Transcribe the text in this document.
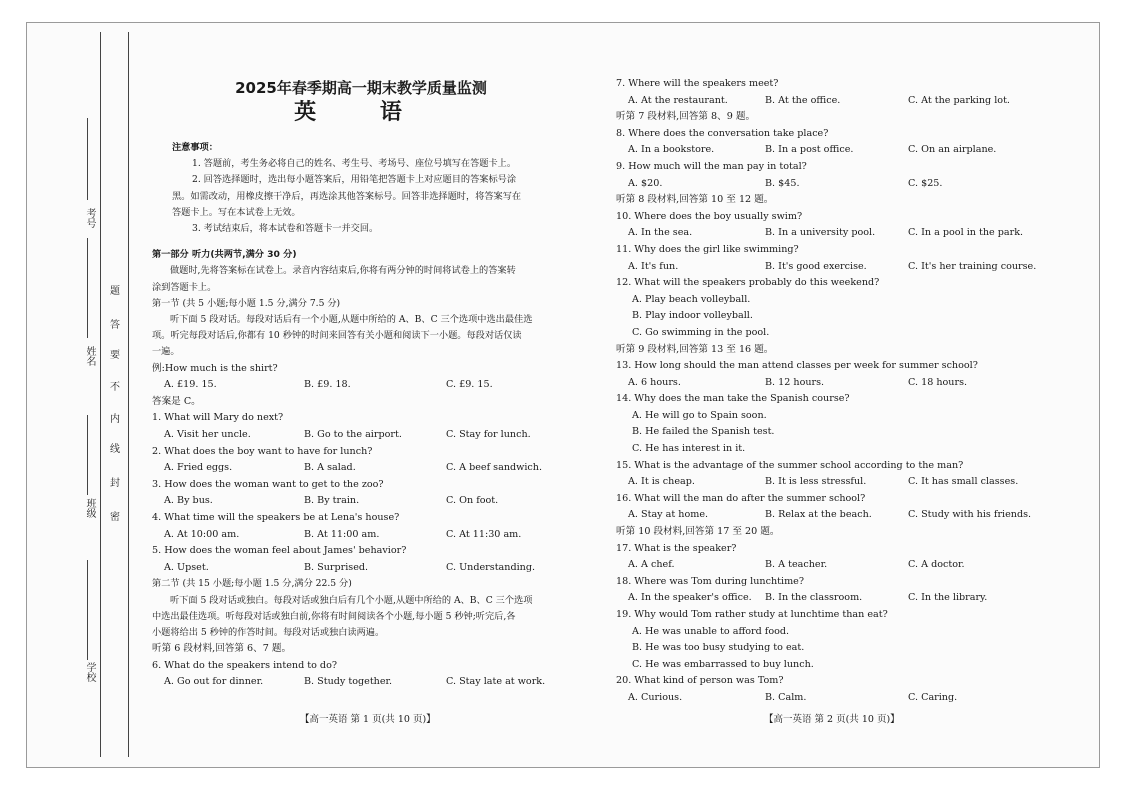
考号
姓名
班级
学校
题
答
要
不
内
线
封
密

2025年春季期高一期末教学质量监测

英 语

注意事项：

1. 答题前，考生务必将自己的姓名、考生号、考场号、座位号填写在答题卡上。

2. 回答选择题时，选出每小题答案后，用铅笔把答题卡上对应题目的答案标号涂

黑。如需改动，用橡皮擦干净后，再选涂其他答案标号。回答非选择题时，将答案写在

答题卡上。写在本试卷上无效。

3. 考试结束后，将本试卷和答题卡一并交回。

第一部分 听力(共两节,满分 30 分)

做题时,先将答案标在试卷上。录音内容结束后,你将有两分钟的时间将试卷上的答案转

涂到答题卡上。

第一节 (共 5 小题;每小题 1.5 分,满分 7.5 分)

听下面 5 段对话。每段对话后有一个小题,从题中所给的 A、B、C 三个选项中选出最佳选

项。听完每段对话后,你都有 10 秒钟的时间来回答有关小题和阅读下一小题。每段对话仅读

一遍。

例:How much is the shirt?

A. £19. 15.	B. £9. 18.	C. £9. 15.

答案是 C。

1. What will Mary do next?

A. Visit her uncle.	B. Go to the airport.	C. Stay for lunch.

2. What does the boy want to have for lunch?

A. Fried eggs.	B. A salad.	C. A beef sandwich.

3. How does the woman want to get to the zoo?

A. By bus.	B. By train.	C. On foot.

4. What time will the speakers be at Lena's house?

A. At 10:00 am.	B. At 11:00 am.	C. At 11:30 am.

5. How does the woman feel about James' behavior?

A. Upset.	B. Surprised.	C. Understanding.

第二节 (共 15 小题;每小题 1.5 分,满分 22.5 分)

听下面 5 段对话或独白。每段对话或独白后有几个小题,从题中所给的 A、B、C 三个选项

中选出最佳选项。听每段对话或独白前,你将有时间阅读各个小题,每小题 5 秒钟;听完后,各

小题将给出 5 秒钟的作答时间。每段对话或独白读两遍。

听第 6 段材料,回答第 6、7 题。

6. What do the speakers intend to do?

A. Go out for dinner.	B. Study together.	C. Stay late at work.

7. Where will the speakers meet?

A. At the restaurant.	B. At the office.	C. At the parking lot.

听第 7 段材料,回答第 8、9 题。

8. Where does the conversation take place?

A. In a bookstore.	B. In a post office.	C. On an airplane.

9. How much will the man pay in total?

A. $20.	B. $45.	C. $25.

听第 8 段材料,回答第 10 至 12 题。

10. Where does the boy usually swim?

A. In the sea.	B. In a university pool.	C. In a pool in the park.

11. Why does the girl like swimming?

A. It's fun.	B. It's good exercise.	C. It's her training course.

12. What will the speakers probably do this weekend?

A. Play beach volleyball.

B. Play indoor volleyball.

C. Go swimming in the pool.

听第 9 段材料,回答第 13 至 16 题。

13. How long should the man attend classes per week for summer school?

A. 6 hours.	B. 12 hours.	C. 18 hours.

14. Why does the man take the Spanish course?

A. He will go to Spain soon.

B. He failed the Spanish test.

C. He has interest in it.

15. What is the advantage of the summer school according to the man?

A. It is cheap.	B. It is less stressful.	C. It has small classes.

16. What will the man do after the summer school?

A. Stay at home.	B. Relax at the beach.	C. Study with his friends.

听第 10 段材料,回答第 17 至 20 题。

17. What is the speaker?

A. A chef.	B. A teacher.	C. A doctor.

18. Where was Tom during lunchtime?

A. In the speaker's office.	B. In the classroom.	C. In the library.

19. Why would Tom rather study at lunchtime than eat?

A. He was unable to afford food.

B. He was too busy studying to eat.

C. He was embarrassed to buy lunch.

20. What kind of person was Tom?

A. Curious.	B. Calm.	C. Caring.
【高一英语 第 1 页(共 10 页)】	【高一英语 第 2 页(共 10 页)】
